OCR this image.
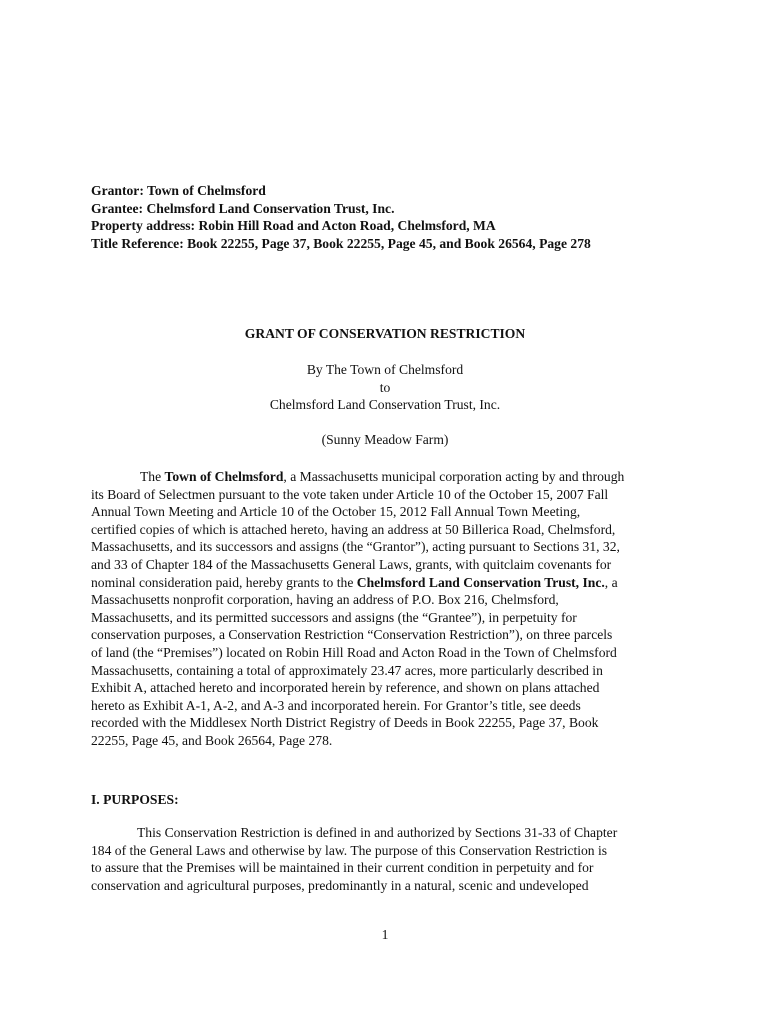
Grantor: Town of Chelmsford
Grantee: Chelmsford Land Conservation Trust, Inc.
Property address: Robin Hill Road and Acton Road, Chelmsford, MA
Title Reference: Book 22255, Page 37, Book 22255, Page 45, and Book 26564, Page 278
GRANT OF CONSERVATION RESTRICTION
By The Town of Chelmsford
to
Chelmsford Land Conservation Trust, Inc.
(Sunny Meadow Farm)
The Town of Chelmsford, a Massachusetts municipal corporation acting by and through
its Board of Selectmen pursuant to the vote taken under Article 10 of the October 15, 2007 Fall
Annual Town Meeting and Article 10 of the October 15, 2012 Fall Annual Town Meeting,
certified copies of which is attached hereto, having an address at 50 Billerica Road, Chelmsford,
Massachusetts, and its successors and assigns (the “Grantor”), acting pursuant to Sections 31, 32,
and 33 of Chapter 184 of the Massachusetts General Laws, grants, with quitclaim covenants for
nominal consideration paid, hereby grants to the Chelmsford Land Conservation Trust, Inc., a
Massachusetts nonprofit corporation, having an address of P.O. Box 216, Chelmsford,
Massachusetts, and its permitted successors and assigns (the “Grantee”), in perpetuity for
conservation purposes, a Conservation Restriction “Conservation Restriction”), on three parcels
of land (the “Premises”) located on Robin Hill Road and Acton Road in the Town of Chelmsford
Massachusetts, containing a total of approximately 23.47 acres, more particularly described in
Exhibit A, attached hereto and incorporated herein by reference, and shown on plans attached
hereto as Exhibit A-1, A-2, and A-3 and incorporated herein. For Grantor’s title, see deeds
recorded with the Middlesex North District Registry of Deeds in Book 22255, Page 37, Book
22255, Page 45, and Book 26564, Page 278.
I. PURPOSES:
This Conservation Restriction is defined in and authorized by Sections 31-33 of Chapter
184 of the General Laws and otherwise by law. The purpose of this Conservation Restriction is
to assure that the Premises will be maintained in their current condition in perpetuity and for
conservation and agricultural purposes, predominantly in a natural, scenic and undeveloped
1
